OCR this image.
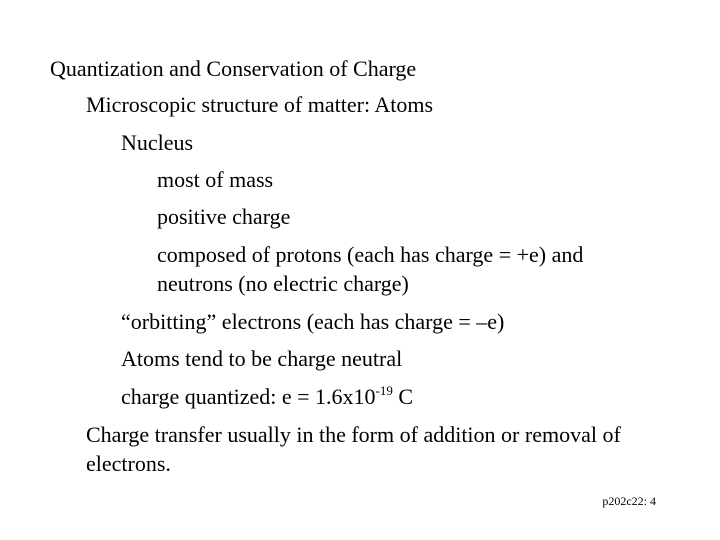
Quantization and Conservation of Charge
Microscopic structure of matter: Atoms
Nucleus
most of mass
positive charge
composed of protons (each has charge = +e) and
neutrons (no electric charge)
“orbitting” electrons (each has charge = –e)
Atoms tend to be charge neutral
charge quantized: $e = 1.6x10^{-19}$ C
Charge transfer usually in the form of addition or removal of
electrons.
p202c22: 4
